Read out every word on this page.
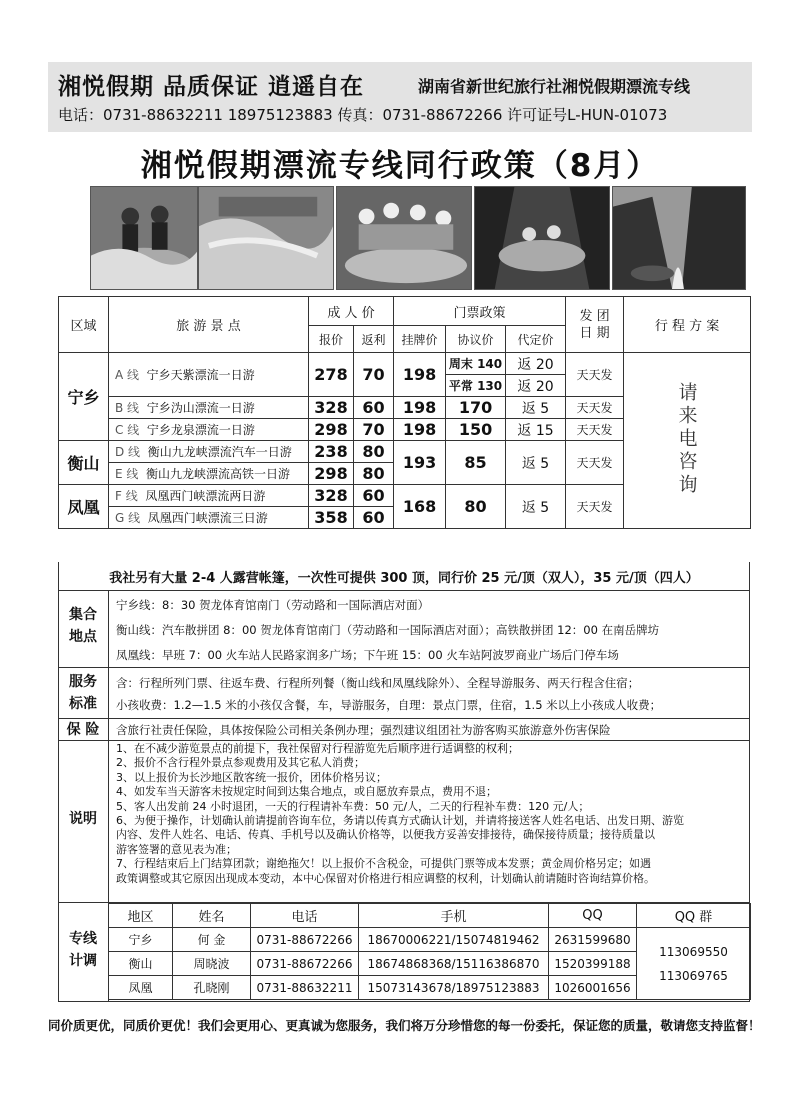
湘悦假期 品质保证 逍遥自在	湖南省新世纪旅行社湘悦假期漂流专线
电话：0731-88632211 18975123883 传真：0731-88672266 许可证号L-HUN-01073
湘悦假期漂流专线同行政策（8月）
区域	旅 游 景 点	成 人 价		门票政策			发 团 日 期	行 程 方 案
		报价	返利	挂牌价	协议价	代定价		
宁乡	A 线 宁乡天紫漂流一日游	278	70	198	周末 140	返 20	天天发	请来电咨询
					平常 130	返 20		
	B 线 宁乡沩山漂流一日游	328	60	198	170	返 5	天天发	
	C 线 宁乡龙泉漂流一日游	298	70	198	150	返 15	天天发	
衡山	D 线 衡山九龙峡漂流汽车一日游	238	80	193	85	返 5	天天发	
	E 线 衡山九龙峡漂流高铁一日游	298	80					
凤凰	F 线 凤凰西门峡漂流两日游	328	60	168	80	返 5	天天发	
	G 线 凤凰西门峡漂流三日游	358	60					
我社另有大量 2-4 人露营帐篷，一次性可提供 300 顶，同行价 25 元/顶（双人），35 元/顶（四人）
集合
地点
宁乡线：8：30 贺龙体育馆南门（劳动路和一国际酒店对面）
衡山线：汽车散拼团 8：00 贺龙体育馆南门（劳动路和一国际酒店对面）；高铁散拼团 12：00 在南岳牌坊
凤凰线：早班 7：00 火车站人民路家润多广场；下午班 15：00 火车站阿波罗商业广场后门停车场
服务
标准
含：行程所列门票、往返车费、行程所列餐（衡山线和凤凰线除外）、全程导游服务、两天行程含住宿；
小孩收费：1.2—1.5 米的小孩仅含餐，车，导游服务，自理：景点门票，住宿，1.5 米以上小孩成人收费；
保 险	含旅行社责任保险，具体按保险公司相关条例办理；强烈建议组团社为游客购买旅游意外伤害保险
说明
1、在不减少游览景点的前提下，我社保留对行程游览先后顺序进行适调整的权利；
2、报价不含行程外景点参观费用及其它私人消费；
3、以上报价为长沙地区散客统一报价，团体价格另议；
4、如发车当天游客未按规定时间到达集合地点，或自愿放弃景点，费用不退；
5、客人出发前 24 小时退团，一天的行程请补车费：50 元/人，二天的行程补车费：120 元/人；
6、为便于操作，计划确认前请提前咨询车位，务请以传真方式确认计划，并请将接送客人姓名电话、出发日期、游览
内容、发件人姓名、电话、传真、手机号以及确认价格等，以便我方妥善安排接待，确保接待质量；接待质量以
游客签署的意见表为准；
7、行程结束后上门结算团款；谢绝拖欠！以上报价不含税金，可提供门票等成本发票；黄金周价格另定；如遇
政策调整或其它原因出现成本变动，本中心保留对价格进行相应调整的权利，计划确认前请随时咨询结算价格。
专线
计调
地区	姓名	电话	手机	QQ	QQ 群
宁乡	何 金	0731-88672266	18670006221/15074819462	2631599680	113069550
113069765

衡山	周晓波	0731-88672266	18674868368/15116386870	1520399188	
凤凰	孔晓刚	0731-88632211	15073143678/18975123883	1026001656	
同价质更优，同质价更优！我们会更用心、更真诚为您服务，我们将万分珍惜您的每一份委托，保证您的质量，敬请您支持监督！
